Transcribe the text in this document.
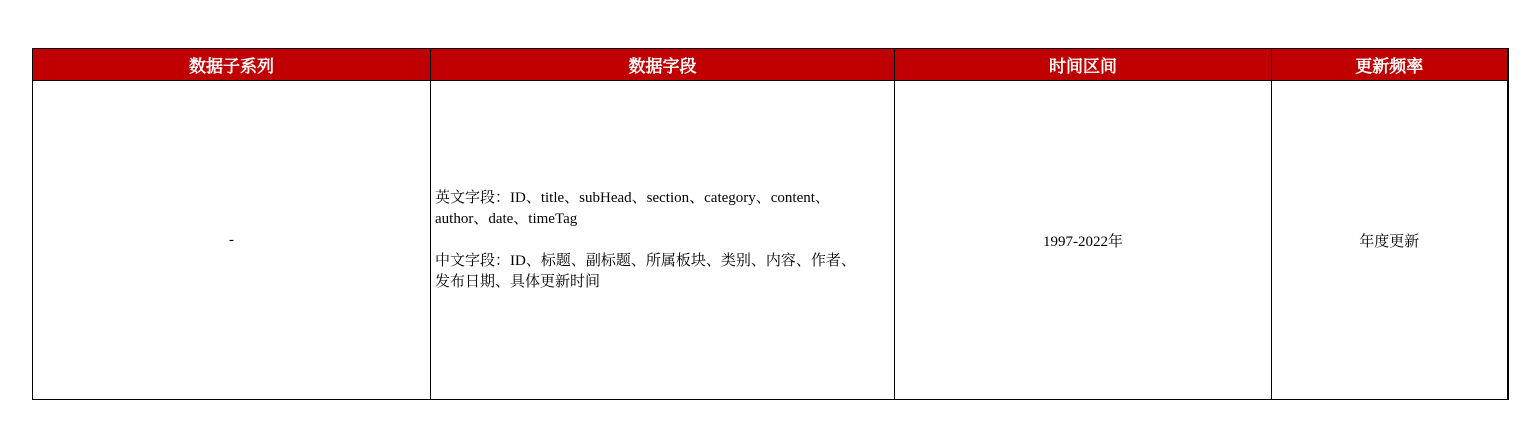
数据子系列	数据字段	时间区间	更新频率
-	英文字段：ID、title、subHead、section、category、content、
author、date、timeTag
中文字段：ID、标题、副标题、所属板块、类别、内容、作者、
发布日期、具体更新时间	1997-2022年	年度更新
